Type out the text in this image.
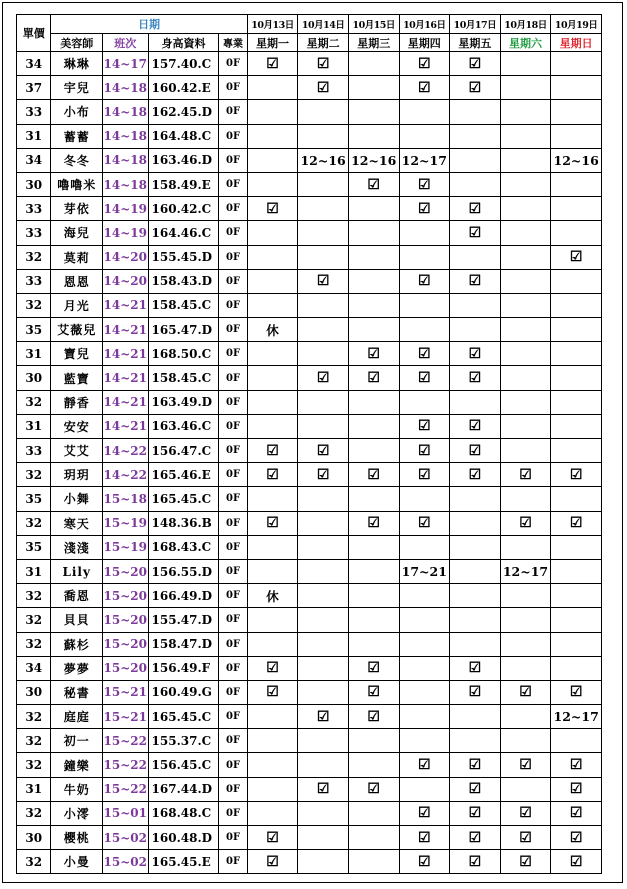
單價	日期				10月13日	10月14日	10月15日	10月16日	10月17日	10月18日	10月19日
	美容師	班次	身高資料	專業	星期一	星期二	星期三	星期四	星期五	星期六	星期日
34	琳琳	14~17	157.40.C	0F	☑	☑		☑	☑		
37	宇兒	14~18	160.42.E	0F		☑		☑	☑		
33	小布	14~18	162.45.D	0F							
31	蓄蓄	14~18	164.48.C	0F							
34	冬冬	14~18	163.46.D	0F		12~16	12~16	12~17			12~16
30	嚕嚕米	14~18	158.49.E	0F			☑	☑			
33	芽依	14~19	160.42.C	0F	☑			☑	☑		
33	海兒	14~19	164.46.C	0F					☑		
32	莫莉	14~20	155.45.D	0F							☑
33	恩恩	14~20	158.43.D	0F		☑		☑	☑		
32	月光	14~21	158.45.C	0F							
35	艾薇兒	14~21	165.47.D	0F	休						
31	寶兒	14~21	168.50.C	0F			☑	☑	☑		
30	藍寶	14~21	158.45.C	0F		☑	☑	☑	☑		
32	靜香	14~21	163.49.D	0F							
31	安安	14~21	163.46.C	0F				☑	☑		
33	艾艾	14~22	156.47.C	0F	☑	☑		☑	☑		
32	玥玥	14~22	165.46.E	0F	☑	☑	☑	☑	☑	☑	☑
35	小舞	15~18	165.45.C	0F							
32	寒天	15~19	148.36.B	0F	☑		☑	☑		☑	☑
35	淺淺	15~19	168.43.C	0F							
31	Lily	15~20	156.55.D	0F				17~21		12~17	
32	喬恩	15~20	166.49.D	0F	休						
32	貝貝	15~20	155.47.D	0F							
32	蘇杉	15~20	158.47.D	0F							
34	夢夢	15~20	156.49.F	0F	☑		☑		☑		
30	秘書	15~21	160.49.G	0F	☑		☑		☑	☑	☑
32	庭庭	15~21	165.45.C	0F		☑	☑				12~17
32	初一	15~22	155.37.C	0F							
32	鐘樂	15~22	156.45.C	0F				☑	☑	☑	☑
31	牛奶	15~22	167.44.D	0F		☑	☑		☑		☑
32	小澪	15~01	168.48.C	0F				☑	☑	☑	☑
30	櫻桃	15~02	160.48.D	0F	☑			☑	☑	☑	☑
32	小曼	15~02	165.45.E	0F	☑			☑	☑	☑	☑
